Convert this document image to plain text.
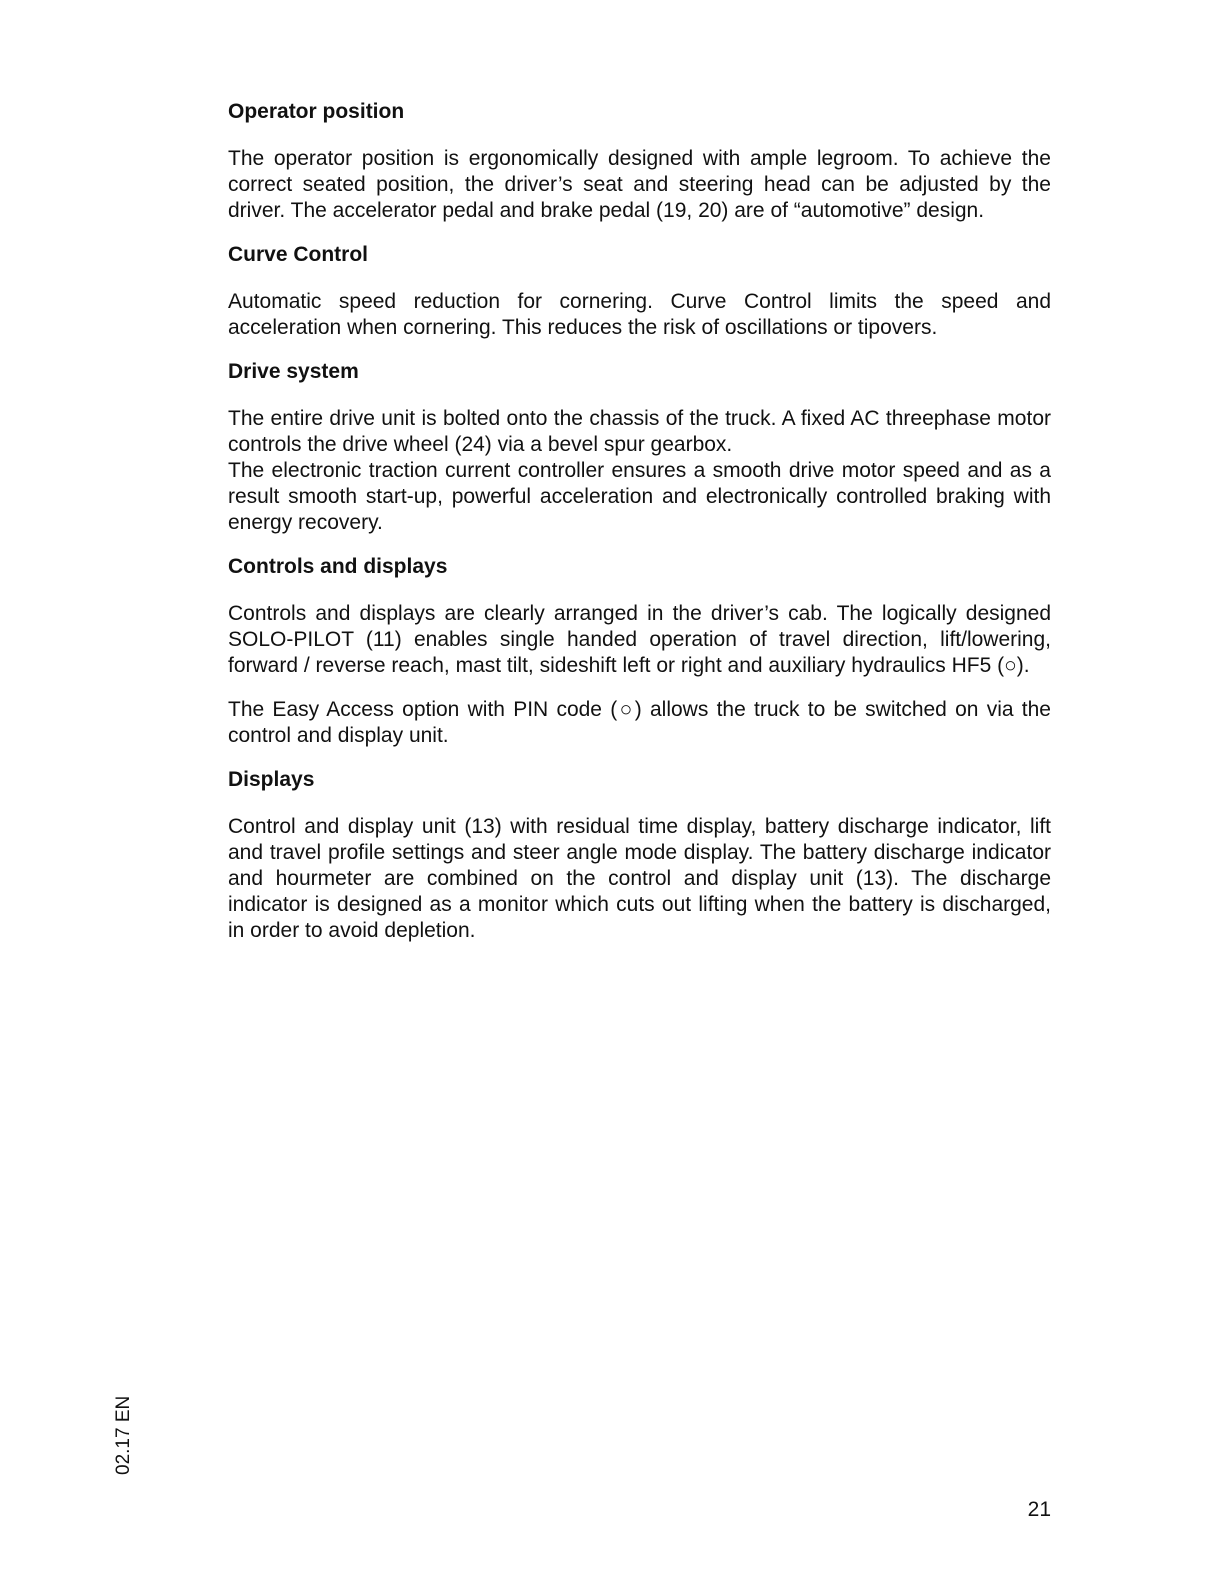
Operator position

The operator position is ergonomically designed with ample legroom. To achieve the correct seated position, the driver’s seat and steering head can be adjusted by the driver. The accelerator pedal and brake pedal (19, 20) are of “automotive” design.

Curve Control

Automatic speed reduction for cornering. Curve Control limits the speed and acceleration when cornering. This reduces the risk of oscillations or tipovers.

Drive system

The entire drive unit is bolted onto the chassis of the truck. A fixed AC threephase motor controls the drive wheel (24) via a bevel spur gearbox.

The electronic traction current controller ensures a smooth drive motor speed and as a result smooth start-up, powerful acceleration and electronically controlled braking with energy recovery.

Controls and displays

Controls and displays are clearly arranged in the driver’s cab. The logically designed SOLO-PILOT (11) enables single handed operation of travel direction, lift/lowering, forward / reverse reach, mast tilt, sideshift left or right and auxiliary hydraulics HF5 (○).

The Easy Access option with PIN code (○) allows the truck to be switched on via the control and display unit.

Displays

Control and display unit (13) with residual time display, battery discharge indicator, lift and travel profile settings and steer angle mode display. The battery discharge indicator and hourmeter are combined on the control and display unit (13). The discharge indicator is designed as a monitor which cuts out lifting when the battery is discharged, in order to avoid depletion.

02.17 EN
21
